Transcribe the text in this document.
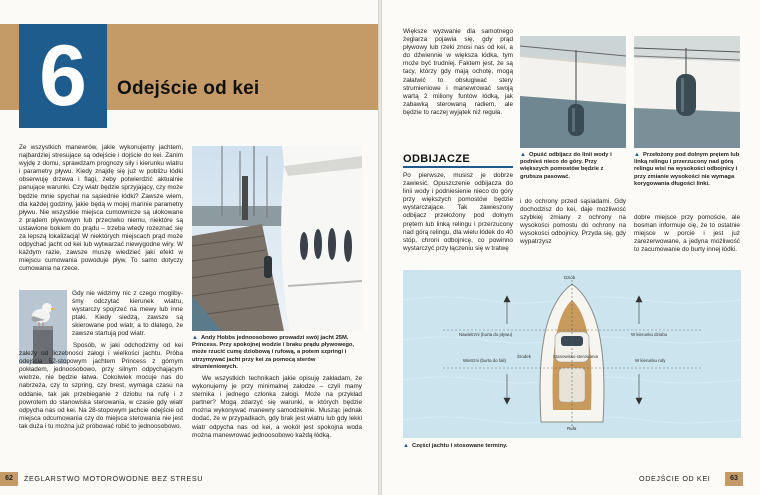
6	Odejście od kei
Ze wszystkich manewrów, jakie wykonujemy jachtem, najbardziej stresujące są odejście i dojście do kei. Zanim wyjdę z domu, sprawdzam prognozy siły i kierunku wiatru i parametry pływu. Kiedy znajdę się już w pobliżu łódki obserwuję drzewa i flagi, żeby potwierdzić aktualnie panujące warunki. Czy wiatr będzie sprzyjający, czy może będzie mnie spychał na sąsiednie łódki? Zawsze wiem, dla każdej godziny, jakie będą w mojej marinie parametry pływu. Nie wszystkie miejsca cumownicze są ulokowane z prądem pływowym lub przeciwko niemu, niektóre są ustawione bokiem do prądu – trzeba wtedy rozeznać się za lepszą lokalizacją! W niektórych miejscach prąd może odpychać jacht od kei lub wytwarzać niewygodne wiry. W każdym razie, zawsze muszę wiedzieć jaki efekt w miejscu cumowania powoduje pływ. To samo dotyczy cumowania na rzece.
Gdy nie widzimy nic z czego moglibyśmy odczytać kierunek wiatru, wystarczy spojrzeć na mewy lub inne ptaki. Kiedy siedzą, zawsze są skierowane pod wiatr, a to dlatego, że zawsze startują pod wiatr.
Sposób, w jaki odchodzimy od kei zależy od liczebności załogi i wielkości jachtu. Próba odejścia 52-stopowym jachtem Princess z górnym pokładem, jednoosobowo, przy silnym odpychającym wietrze, nie będzie łatwa. Cokolwiek mocuje nas do nabrzeża, czy to szpring, czy brest, wymaga czasu na oddanie, tak jak przebieganie z dziobu na rufę i z powrotem do stanowiska sterowania, w czasie gdy wiatr odpycha nas od kei. Na 28-stopowym jachcie odejście od miejsca odcumowania czy do miejsca sterowania nie jest tak duża i tu można już próbować robić to jednoosobowo.
▲ Andy Hobbs jednoosobowo prowadzi swój jacht 25M. Princess. Przy spokojnej wodzie i braku prądu pływowego, może rzucić cumę dziobową i rufową, a potem szpringi i utrzymywać jacht przy kei za pomocą sterów strumieniowych.
We wszystkich technikach jakie opisuję zakładam, że wykonujemy je przy minimalnej załodze – czyli mamy sternika i jednego członka załogi. Może na przykład partner? Mogą zdarzyć się warunki, w których będzie można wykonywać manewry samodzielnie. Musząc jednak dodać, że w przypadkach, gdy brak jest wiatru lub gdy lekki wiatr odpycha nas od kei, a wokół jest spokojna woda można manewrować jednoosobowo każdą łódką.
62	ŻEGLARSTWO MOTOROWODNE BEZ STRESU
Większe wyzwanie dla samotnego żeglarza pojawia się, gdy prąd pływowy lub rzeki znosi nas od kei, a do dźwiennie w większa łódka, tym może być trudniej. Faktem jest, że są tacy, którzy gdy mają ochotę, mogą załatwić to obsługiwać stery strumieniowe i manewrować swoją wartą 2 miliony funtów łódką, jak zabawką sterowaną radiem, ale będzie to raczej wyjątek niż reguła.
ODBIJACZE
Po pierwsze, musisz je dobrze zawiesić. Opuszczenie odbijacza do linii wody i podniesienie nieco do góry przy większych pomostów będzie wystarczające. Tak zawieszony odbijacz przełożony pod dolnym prętem lub linką relingu i przerzucony nad górą relingu, dla wielu łódek do 40 stóp, chroni odbojnicę, co powinno wystarczyć przy łączeniu się w tratwę
▲ Opuść odbijacz do linii wody i podnieś nieco do góry. Przy większych pomostów będzie z grubsza pasować.
▲ Przełożony pod dolnym prętem lub linką relingu i przerzucony nad górą relingu wisi na wysokości odbojnicy i przy zmianie wysokości nie wymaga korygowania długości linki.
i do ochrony przed sąsiadami. Gdy dochodzisz do kei, daje możliwość szybkiej zmiany z ochrony na wysokości pomostu do ochrony na wysokości odbojnicy. Przyda się, gdy wypatrzysz
dobre miejsce przy pomoście, ale bosman informuje cię, że to ostatnie miejsce w porcie i jest już zarezerwowane, a jedyna możliwość to zacumowanie do burty innej łódki.
Dziób
Rufa
Nawietrzni (burta do pływu)
Wietrzni (burta do fali)
W kierunku dziobu
W kierunku rufy
Środek	Stanowisko sterowania
▲ Części jachtu i stosowane terminy.
ODEJŚCIE OD KEI	63
